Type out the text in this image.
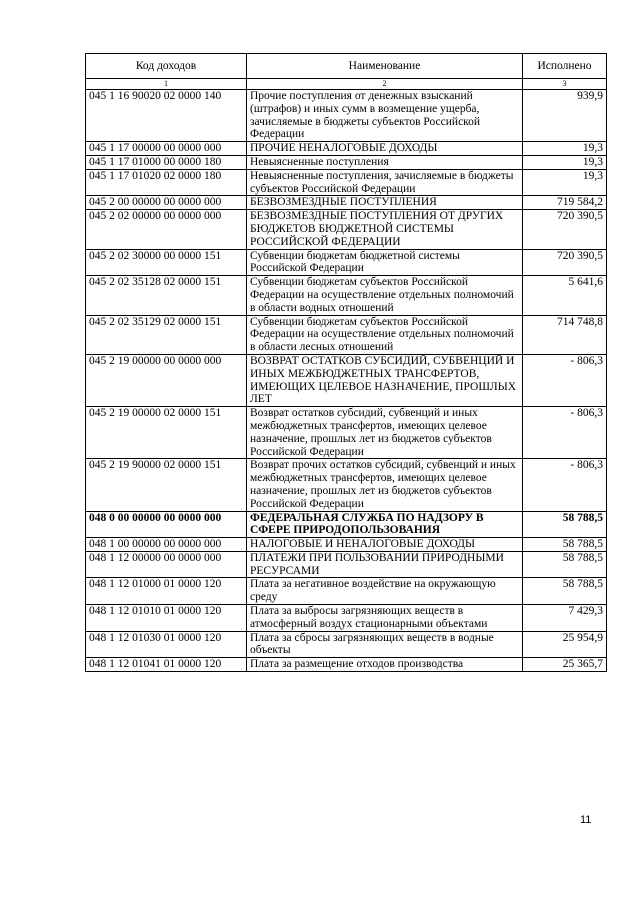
Код доходов	Наименование	Исполнено
1	2	3
045 1 16 90020 02 0000 140	Прочие поступления от денежных взысканий (штрафов) и иных сумм в возмещение ущерба, зачисляемые в бюджеты субъектов Российской Федерации	939,9
045 1 17 00000 00 0000 000	ПРОЧИЕ НЕНАЛОГОВЫЕ ДОХОДЫ	19,3
045 1 17 01000 00 0000 180	Невыясненные поступления	19,3
045 1 17 01020 02 0000 180	Невыясненные поступления, зачисляемые в бюджеты субъектов Российской Федерации	19,3
045 2 00 00000 00 0000 000	БЕЗВОЗМЕЗДНЫЕ ПОСТУПЛЕНИЯ	719 584,2
045 2 02 00000 00 0000 000	БЕЗВОЗМЕЗДНЫЕ ПОСТУПЛЕНИЯ ОТ ДРУГИХ БЮДЖЕТОВ БЮДЖЕТНОЙ СИСТЕМЫ РОССИЙСКОЙ ФЕДЕРАЦИИ	720 390,5
045 2 02 30000 00 0000 151	Субвенции бюджетам бюджетной системы Российской Федерации	720 390,5
045 2 02 35128 02 0000 151	Субвенции бюджетам субъектов Российской Федерации на осуществление отдельных полномочий в области водных отношений	5 641,6
045 2 02 35129 02 0000 151	Субвенции бюджетам субъектов Российской Федерации на осуществление отдельных полномочий в области лесных отношений	714 748,8
045 2 19 00000 00 0000 000	ВОЗВРАТ ОСТАТКОВ СУБСИДИЙ, СУБВЕНЦИЙ И ИНЫХ МЕЖБЮДЖЕТНЫХ ТРАНСФЕРТОВ, ИМЕЮЩИХ ЦЕЛЕВОЕ НАЗНАЧЕНИЕ, ПРОШЛЫХ ЛЕТ	- 806,3
045 2 19 00000 02 0000 151	Возврат остатков субсидий, субвенций и иных межбюджетных трансфертов, имеющих целевое назначение, прошлых лет из бюджетов субъектов Российской Федерации	- 806,3
045 2 19 90000 02 0000 151	Возврат прочих остатков субсидий, субвенций и иных межбюджетных трансфертов, имеющих целевое назначение, прошлых лет из бюджетов субъектов Российской Федерации	- 806,3
048 0 00 00000 00 0000 000	ФЕДЕРАЛЬНАЯ СЛУЖБА ПО НАДЗОРУ В СФЕРЕ ПРИРОДОПОЛЬЗОВАНИЯ	58 788,5
048 1 00 00000 00 0000 000	НАЛОГОВЫЕ И НЕНАЛОГОВЫЕ ДОХОДЫ	58 788,5
048 1 12 00000 00 0000 000	ПЛАТЕЖИ ПРИ ПОЛЬЗОВАНИИ ПРИРОДНЫМИ РЕСУРСАМИ	58 788,5
048 1 12 01000 01 0000 120	Плата за негативное воздействие на окружающую среду	58 788,5
048 1 12 01010 01 0000 120	Плата за выбросы загрязняющих веществ в атмосферный воздух стационарными объектами	7 429,3
048 1 12 01030 01 0000 120	Плата за сбросы загрязняющих веществ в водные объекты	25 954,9
048 1 12 01041 01 0000 120	Плата за размещение отходов производства	25 365,7
11
